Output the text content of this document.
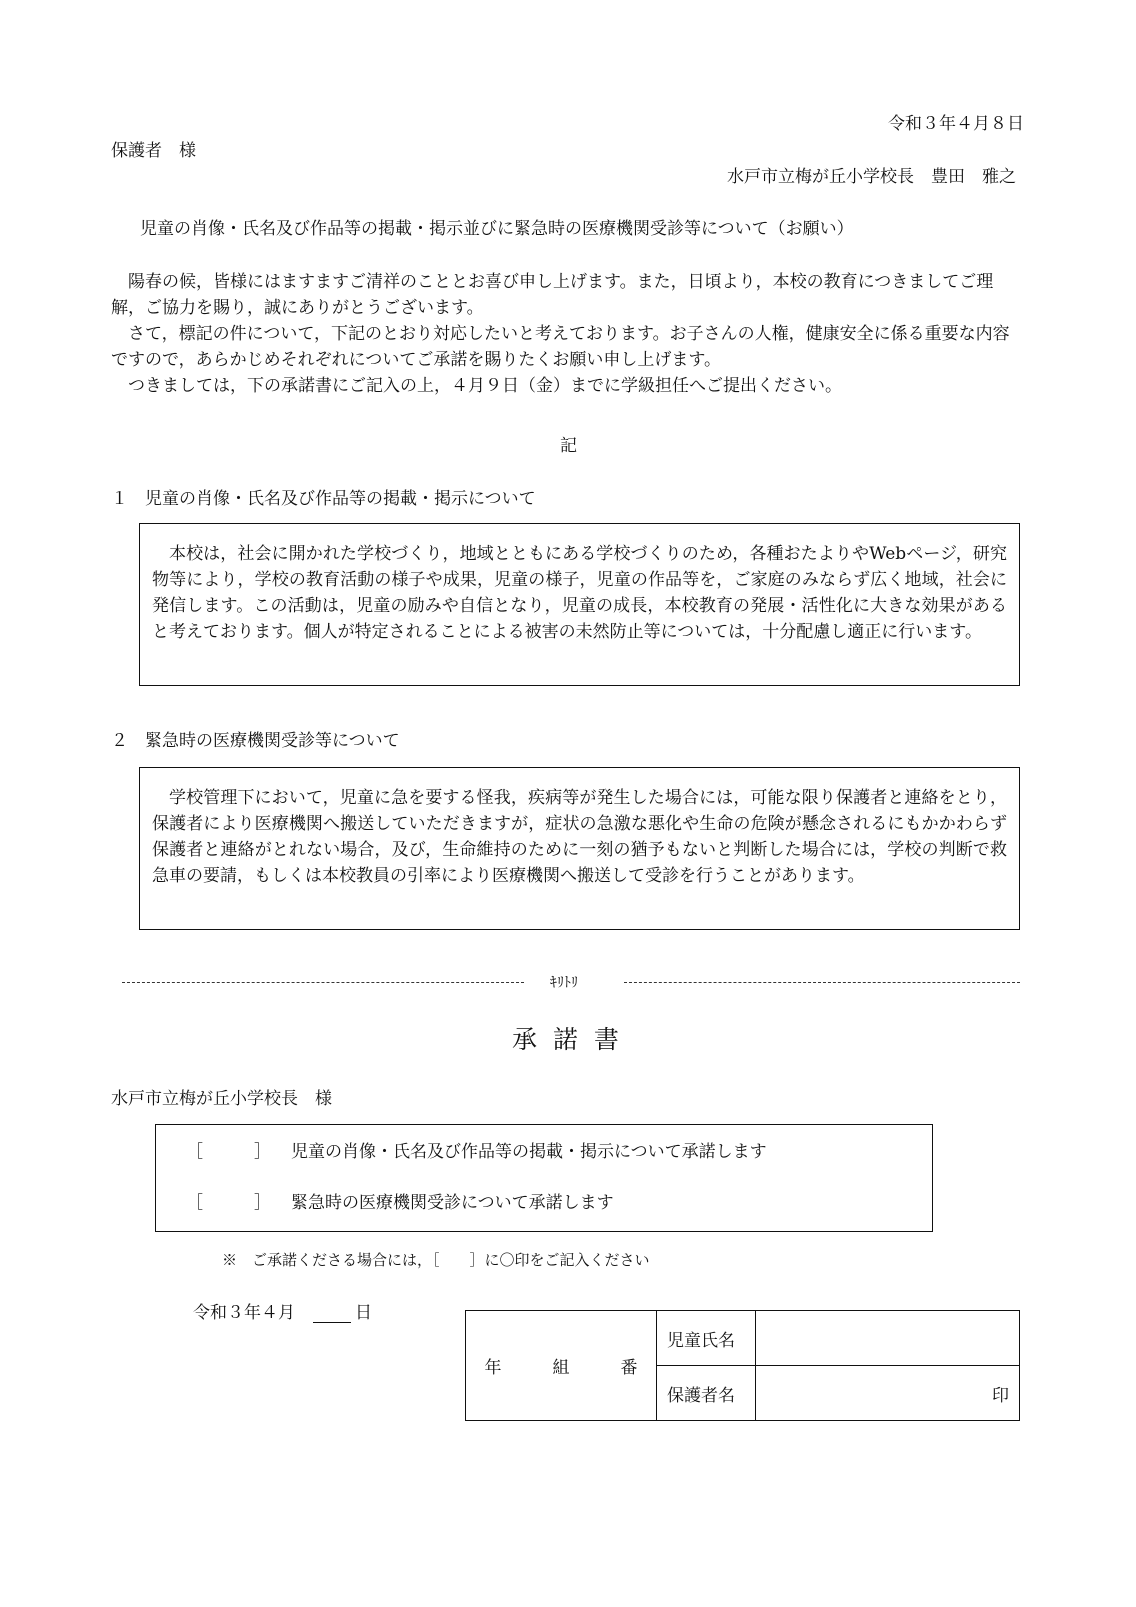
令和３年４月８日
保護者　様
水戸市立梅が丘小学校長　豊田　雅之
児童の肖像・氏名及び作品等の掲載・掲示並びに緊急時の医療機関受診等について（お願い）
陽春の候，皆様にはますますご清祥のこととお喜び申し上げます。また，日頃より，本校の教育につきましてご理解，ご協力を賜り，誠にありがとうございます。
さて，標記の件について，下記のとおり対応したいと考えております。お子さんの人権，健康安全に係る重要な内容ですので，あらかじめそれぞれについてご承諾を賜りたくお願い申し上げます。
つきましては，下の承諾書にご記入の上，４月９日（金）までに学級担任へご提出ください。
記
１　児童の肖像・氏名及び作品等の掲載・掲示について

本校は，社会に開かれた学校づくり，地域とともにある学校づくりのため，各種おたよりやWebページ，研究物等により，学校の教育活動の様子や成果，児童の様子，児童の作品等を，ご家庭のみならず広く地域，社会に発信します。この活動は，児童の励みや自信となり，児童の成長，本校教育の発展・活性化に大きな効果があると考えております。個人が特定されることによる被害の未然防止等については，十分配慮し適正に行います。

２　緊急時の医療機関受診等について

学校管理下において，児童に急を要する怪我，疾病等が発生した場合には，可能な限り保護者と連絡をとり，保護者により医療機関へ搬送していただきますが，症状の急激な悪化や生命の危険が懸念されるにもかかわらず保護者と連絡がとれない場合，及び，生命維持のために一刻の猶予もないと判断した場合には，学校の判断で救急車の要請，もしくは本校教員の引率により医療機関へ搬送して受診を行うことがあります。

ｷﾘﾄﾘ
承 諾 書
水戸市立梅が丘小学校長　様
［　　　］ 児童の肖像・氏名及び作品等の掲載・掲示について承諾します
［　　　］ 緊急時の医療機関受診について承諾します
※　ご承諾くださる場合には，［　　］に〇印をご記入ください
令和３年４月	日
年　　　組　　　番	児童氏名	
	保護者名	印
